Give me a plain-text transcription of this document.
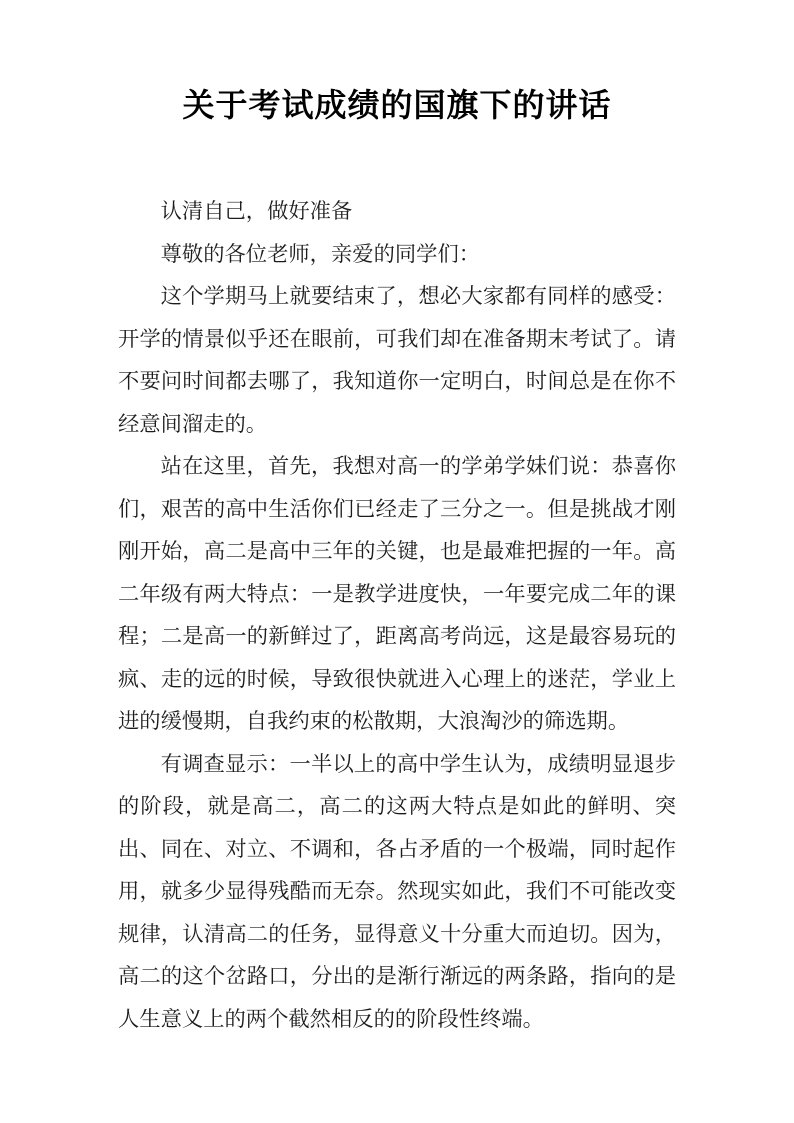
关于考试成绩的国旗下的讲话

认清自己，做好准备

尊敬的各位老师，亲爱的同学们：

这个学期马上就要结束了，想必大家都有同样的感受：开学的情景似乎还在眼前，可我们却在准备期末考试了。请不要问时间都去哪了，我知道你一定明白，时间总是在你不经意间溜走的。

站在这里，首先，我想对高一的学弟学妹们说：恭喜你们，艰苦的高中生活你们已经走了三分之一。但是挑战才刚刚开始，高二是高中三年的关键，也是最难把握的一年。高二年级有两大特点：一是教学进度快，一年要完成二年的课程；二是高一的新鲜过了，距离高考尚远，这是最容易玩的疯、走的远的时候，导致很快就进入心理上的迷茫，学业上进的缓慢期，自我约束的松散期，大浪淘沙的筛选期。

有调查显示：一半以上的高中学生认为，成绩明显退步的阶段，就是高二，高二的这两大特点是如此的鲜明、突出、同在、对立、不调和，各占矛盾的一个极端，同时起作用，就多少显得残酷而无奈。然现实如此，我们不可能改变规律，认清高二的任务，显得意义十分重大而迫切。因为，高二的这个岔路口，分出的是渐行渐远的两条路，指向的是人生意义上的两个截然相反的的阶段性终端。
